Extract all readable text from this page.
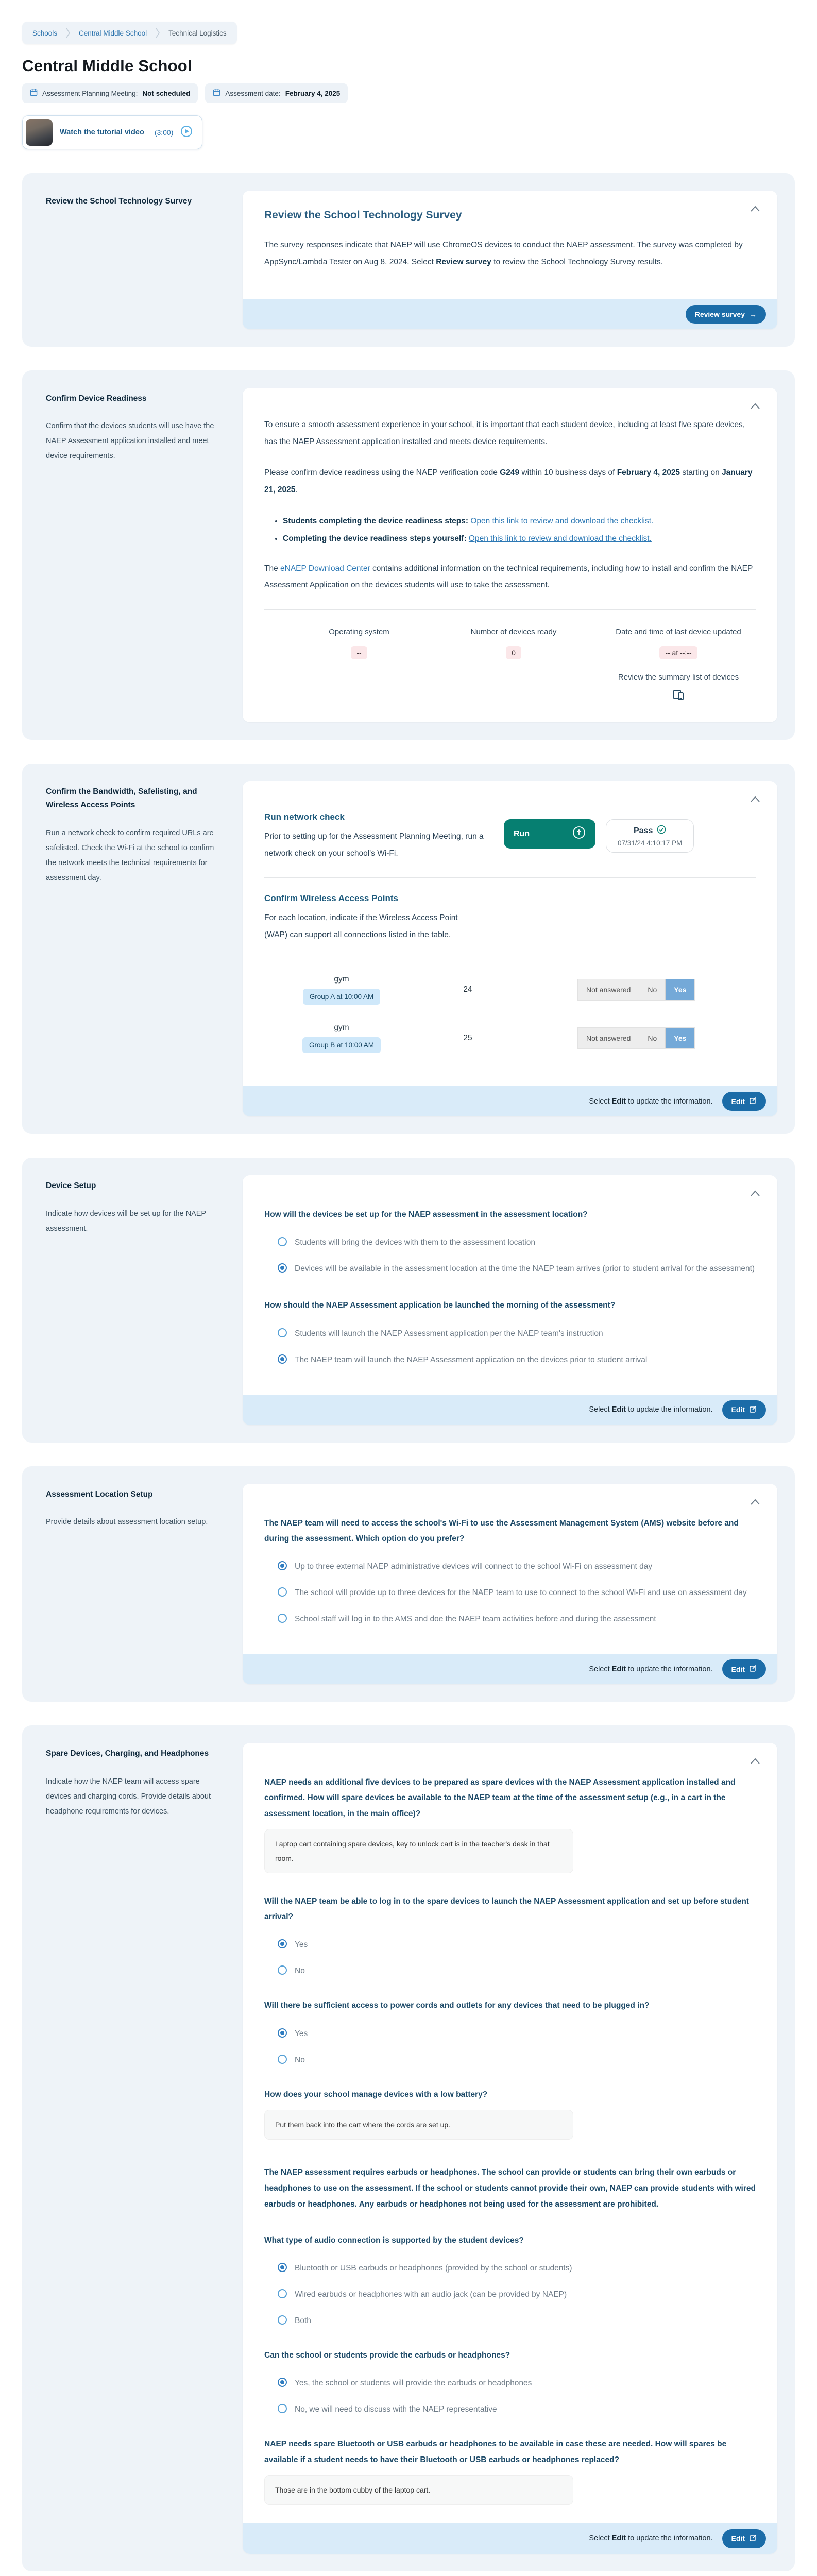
Schools	Central Middle School	Technical Logistics
Central Middle School
Assessment Planning Meeting: Not scheduled	Assessment date: February 4, 2025
Watch the tutorial video (3:00)
Review the School Technology Survey
Review the School Technology Survey

The survey responses indicate that NAEP will use ChromeOS devices to conduct the NAEP assessment. The survey was completed by AppSync/Lambda Tester on Aug 8, 2024. Select Review survey to review the School Technology Survey results.

Review survey →
Confirm Device Readiness

Confirm that the devices students will use have the NAEP Assessment application installed and meet device requirements.

To ensure a smooth assessment experience in your school, it is important that each student device, including at least five spare devices, has the NAEP Assessment application installed and meets device requirements.

Please confirm device readiness using the NAEP verification code G249 within 10 business days of February 4, 2025 starting on January 21, 2025.

• Students completing the device readiness steps: Open this link to review and download the checklist.
• Completing the device readiness steps yourself: Open this link to review and download the checklist.

The eNAEP Download Center contains additional information on the technical requirements, including how to install and confirm the NAEP Assessment Application on the devices students will use to take the assessment.

Operating system
--
Number of devices ready
0
Date and time of last device updated
-- at --:--
Review the summary list of devices
Confirm the Bandwidth, Safelisting, and Wireless Access Points

Run a network check to confirm required URLs are safelisted. Check the Wi-Fi at the school to confirm the network meets the technical requirements for assessment day.

Run network check

Prior to setting up for the Assessment Planning Meeting, run a network check on your school's Wi-Fi.

Run	Pass
07/31/24 4:10:17 PM
Confirm Wireless Access Points

For each location, indicate if the Wireless Access Point (WAP) can support all connections listed in the table.

gym
Group A at 10:00 AM
24	Not answered	No	Yes
gym
Group B at 10:00 AM
25	Not answered	No	Yes
Select Edit to update the information.	Edit
Device Setup

Indicate how devices will be set up for the NAEP assessment.

How will the devices be set up for the NAEP assessment in the assessment location?

Students will bring the devices with them to the assessment location
Devices will be available in the assessment location at the time the NAEP team arrives (prior to student arrival for the assessment)

How should the NAEP Assessment application be launched the morning of the assessment?

Students will launch the NAEP Assessment application per the NAEP team's instruction
The NAEP team will launch the NAEP Assessment application on the devices prior to student arrival
Select Edit to update the information.	Edit
Assessment Location Setup

Provide details about assessment location setup.	The NAEP team will need to access the school's Wi-Fi to use the Assessment Management System (AMS) website before and during the assessment. Which option do you prefer?

Up to three external NAEP administrative devices will connect to the school Wi-Fi on assessment day
The school will provide up to three devices for the NAEP team to use to connect to the school Wi-Fi and use on assessment day
School staff will log in to the AMS and doe the NAEP team activities before and during the assessment
Select Edit to update the information.	Edit
Spare Devices, Charging, and Headphones

Indicate how the NAEP team will access spare devices and charging cords. Provide details about headphone requirements for devices.

NAEP needs an additional five devices to be prepared as spare devices with the NAEP Assessment application installed and confirmed. How will spare devices be available to the NAEP team at the time of the assessment setup (e.g., in a cart in the assessment location, in the main office)?

Laptop cart containing spare devices, key to unlock cart is in the teacher's desk in that room.

Will the NAEP team be able to log in to the spare devices to launch the NAEP Assessment application and set up before student arrival?

Yes
No

Will there be sufficient access to power cords and outlets for any devices that need to be plugged in?

Yes
No

How does your school manage devices with a low battery?

Put them back into the cart where the cords are set up.

The NAEP assessment requires earbuds or headphones. The school can provide or students can bring their own earbuds or headphones to use on the assessment. If the school or students cannot provide their own, NAEP can provide students with wired earbuds or headphones. Any earbuds or headphones not being used for the assessment are prohibited.

What type of audio connection is supported by the student devices?

Bluetooth or USB earbuds or headphones (provided by the school or students)
Wired earbuds or headphones with an audio jack (can be provided by NAEP)
Both

Can the school or students provide the earbuds or headphones?

Yes, the school or students will provide the earbuds or headphones
No, we will need to discuss with the NAEP representative

NAEP needs spare Bluetooth or USB earbuds or headphones to be available in case these are needed. How will spares be available if a student needs to have their Bluetooth or USB earbuds or headphones replaced?

Those are in the bottom cubby of the laptop cart.
Select Edit to update the information.	Edit
